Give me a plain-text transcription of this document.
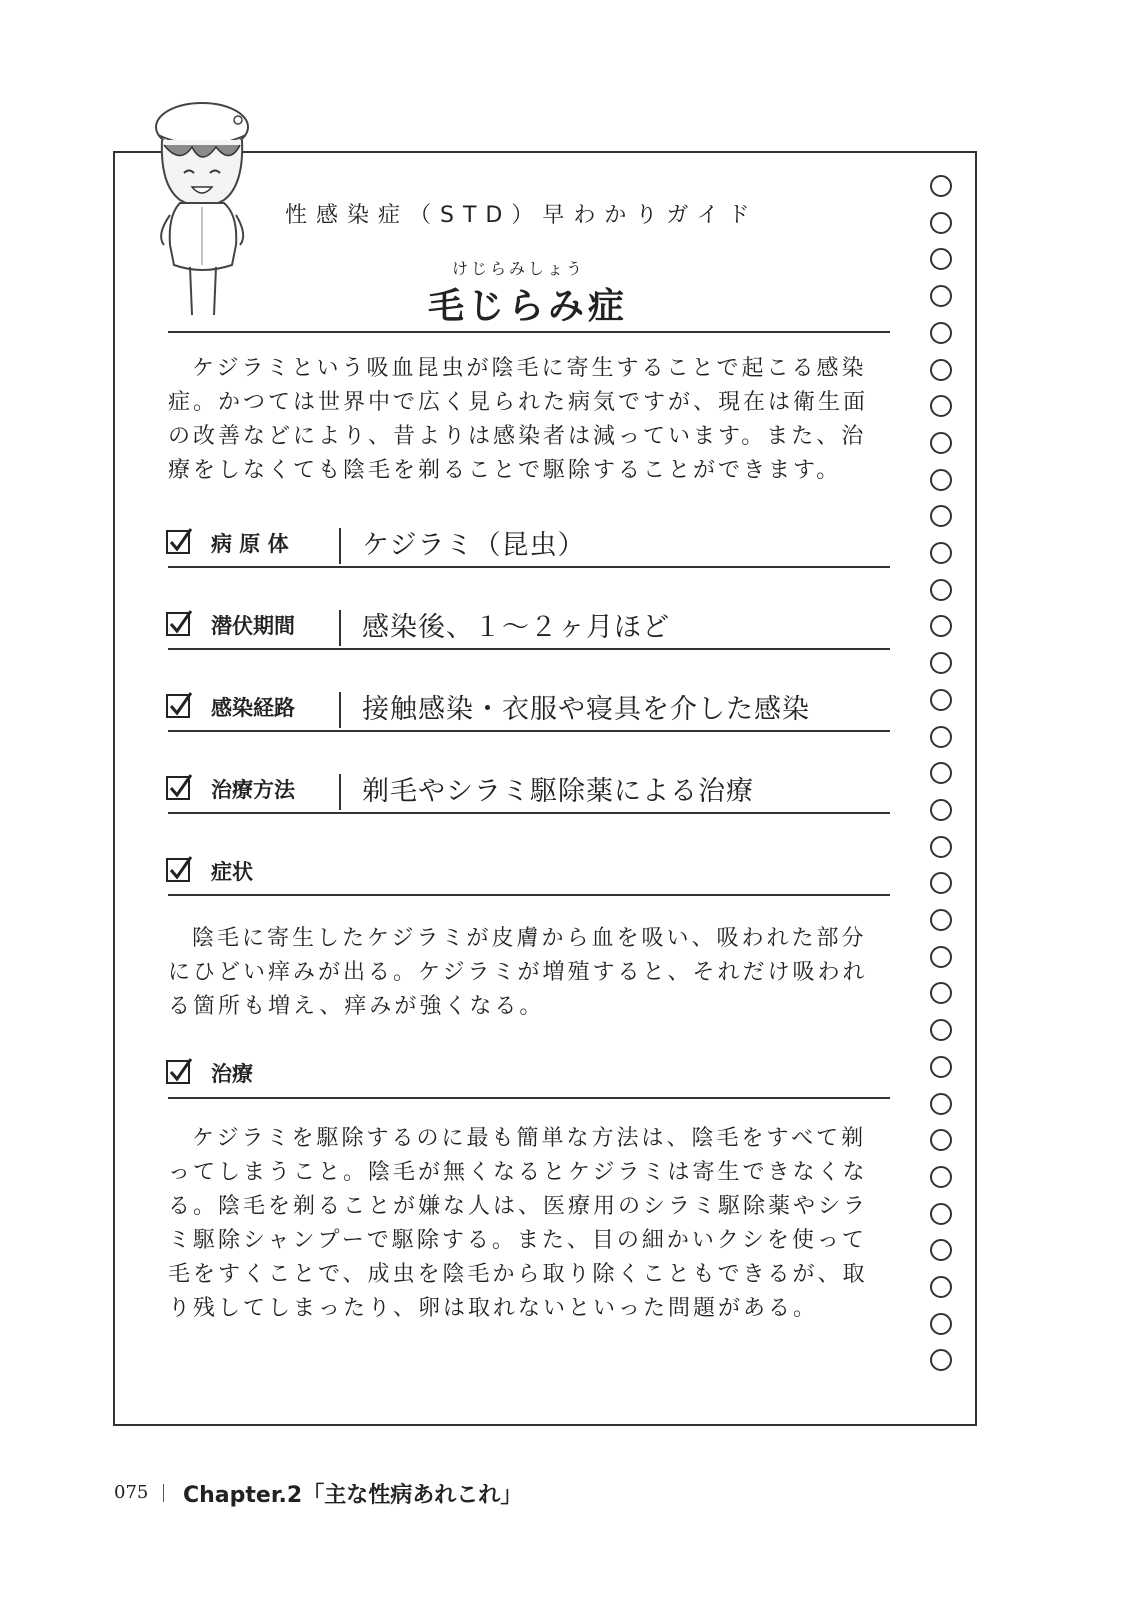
性感染症（STD）早わかりガイド
けじらみしょう
毛じらみ症

ケジラミという吸血昆虫が陰毛に寄生することで起こる感染症。かつては世界中で広く見られた病気ですが、現在は衛生面の改善などにより、昔よりは感染者は減っています。また、治療をしなくても陰毛を剃ることで駆除することができます。

病 原 体	ケジラミ（昆虫）
潜伏期間 感染後、１～２ヶ月ほど
感染経路 接触感染・衣服や寝具を介した感染
治療方法 剃毛やシラミ駆除薬による治療
症状

陰毛に寄生したケジラミが皮膚から血を吸い、吸われた部分にひどい痒みが出る。ケジラミが増殖すると、それだけ吸われる箇所も増え、痒みが強くなる。

治療

ケジラミを駆除するのに最も簡単な方法は、陰毛をすべて剃ってしまうこと。陰毛が無くなるとケジラミは寄生できなくなる。陰毛を剃ることが嫌な人は、医療用のシラミ駆除薬やシラミ駆除シャンプーで駆除する。また、目の細かいクシを使って毛をすくことで、成虫を陰毛から取り除くこともできるが、取り残してしまったり、卵は取れないといった問題がある。

075 Chapter.2「主な性病あれこれ」
